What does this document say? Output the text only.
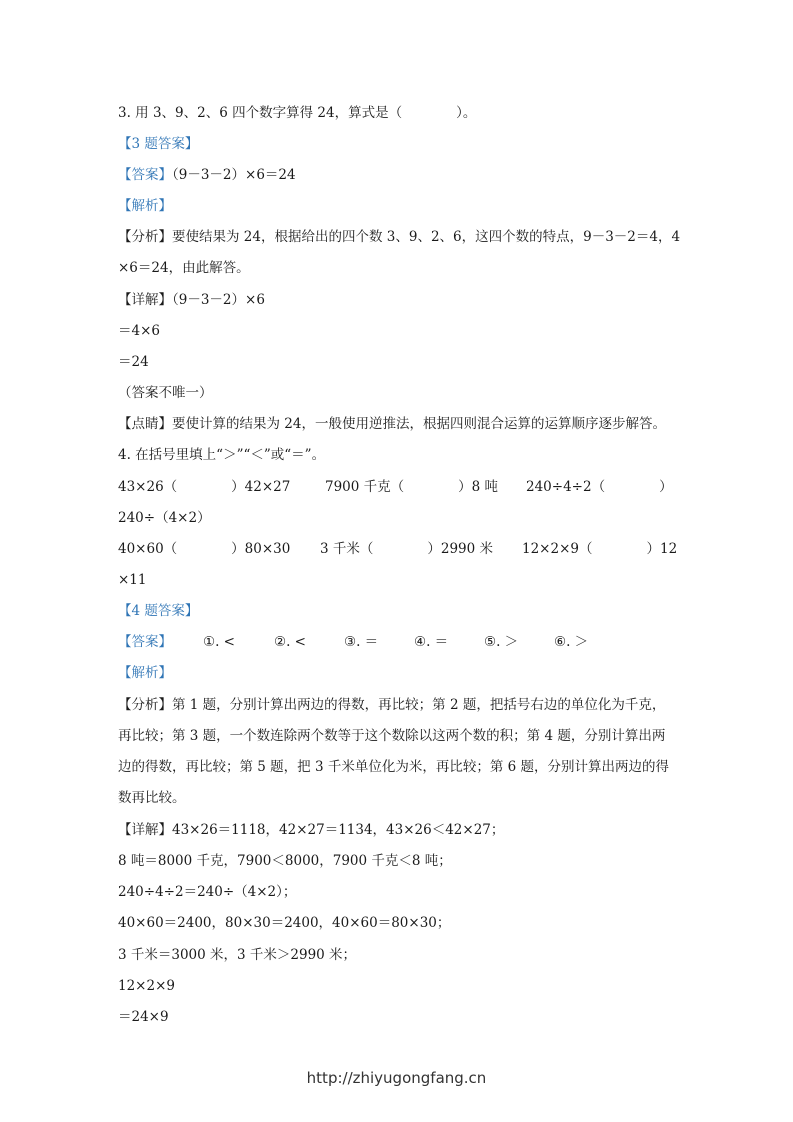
3. 用 3、9、2、6 四个数字算得 24，算式是（　　　　）。
【3 题答案】
【答案】（9－3－2）×6＝24
【解析】
【分析】要使结果为 24，根据给出的四个数 3、9、2、6，这四个数的特点，9－3－2＝4，4
×6＝24，由此解答。
【详解】（9－3－2）×6
＝4×6
＝24
（答案不唯一）
【点睛】要使计算的结果为 24，一般使用逆推法，根据四则混合运算的运算顺序逐步解答。
4. 在括号里填上“＞”“＜”或“＝”。
43×26（　　　　）42×27	7900 千克（　　　　）8 吨 240÷4÷2（　　　　）
240÷（4×2）
40×60（　　　　）80×30 3 千米（　　　　）2990 米 12×2×9（　　　　）12
×11
【4 题答案】
【答案】 ①. <	②. <	③. ＝	④. ＝	⑤. ＞	⑥. ＞
【解析】
【分析】第 1 题，分别计算出两边的得数，再比较；第 2 题，把括号右边的单位化为千克，
再比较；第 3 题，一个数连除两个数等于这个数除以这两个数的积；第 4 题，分别计算出两
边的得数，再比较；第 5 题，把 3 千米单位化为米，再比较；第 6 题，分别计算出两边的得
数再比较。
【详解】43×26＝1118，42×27＝1134，43×26＜42×27；
8 吨＝8000 千克，7900＜8000，7900 千克＜8 吨；
240÷4÷2＝240÷（4×2）；
40×60＝2400，80×30＝2400，40×60＝80×30；
3 千米＝3000 米，3 千米＞2990 米；
12×2×9
＝24×9
http://zhiyugongfang.cn
